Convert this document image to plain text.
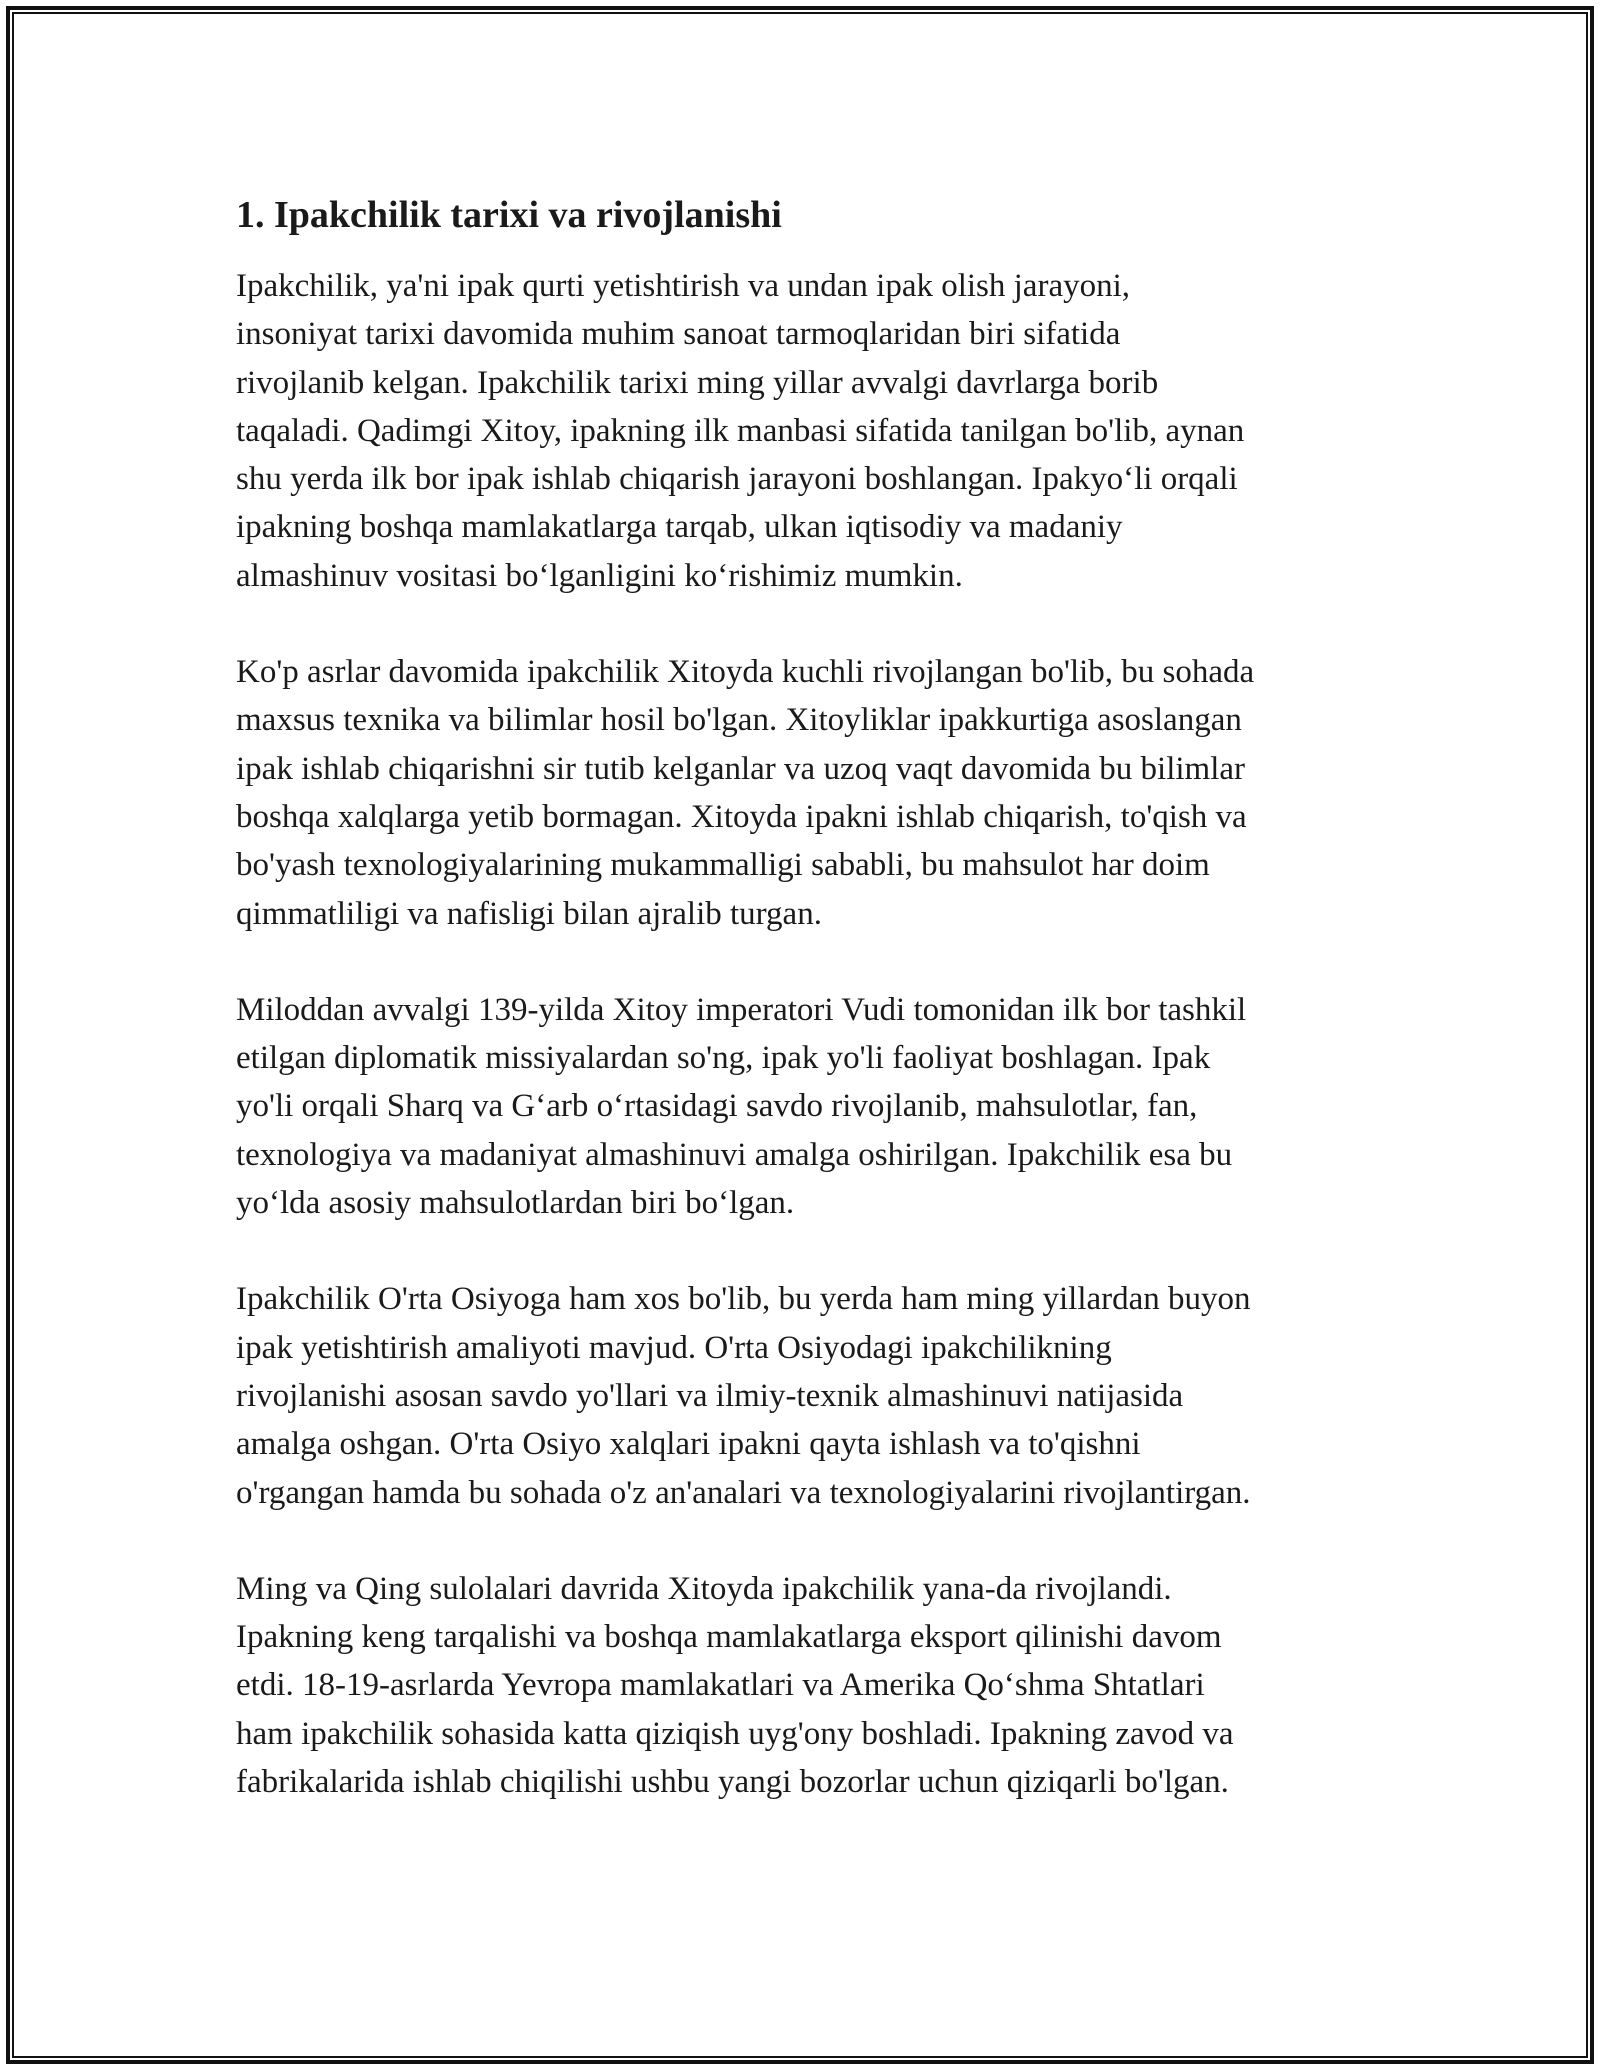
1. Ipakchilik tarixi va rivojlanishi

Ipakchilik, ya'ni ipak qurti yetishtirish va undan ipak olish jarayoni,
insoniyat tarixi davomida muhim sanoat tarmoqlaridan biri sifatida
rivojlanib kelgan. Ipakchilik tarixi ming yillar avvalgi davrlarga borib
taqaladi. Qadimgi Xitoy, ipakning ilk manbasi sifatida tanilgan bo'lib, aynan
shu yerda ilk bor ipak ishlab chiqarish jarayoni boshlangan. Ipakyo‘li orqali
ipakning boshqa mamlakatlarga tarqab, ulkan iqtisodiy va madaniy
almashinuv vositasi bo‘lganligini ko‘rishimiz mumkin.

Ko'p asrlar davomida ipakchilik Xitoyda kuchli rivojlangan bo'lib, bu sohada
maxsus texnika va bilimlar hosil bo'lgan. Xitoyliklar ipakkurtiga asoslangan
ipak ishlab chiqarishni sir tutib kelganlar va uzoq vaqt davomida bu bilimlar
boshqa xalqlarga yetib bormagan. Xitoyda ipakni ishlab chiqarish, to'qish va
bo'yash texnologiyalarining mukammalligi sababli, bu mahsulot har doim
qimmatliligi va nafisligi bilan ajralib turgan.

Miloddan avvalgi 139-yilda Xitoy imperatori Vudi tomonidan ilk bor tashkil
etilgan diplomatik missiyalardan so'ng, ipak yo'li faoliyat boshlagan. Ipak
yo'li orqali Sharq va G‘arb o‘rtasidagi savdo rivojlanib, mahsulotlar, fan,
texnologiya va madaniyat almashinuvi amalga oshirilgan. Ipakchilik esa bu
yo‘lda asosiy mahsulotlardan biri bo‘lgan.

Ipakchilik O'rta Osiyoga ham xos bo'lib, bu yerda ham ming yillardan buyon
ipak yetishtirish amaliyoti mavjud. O'rta Osiyodagi ipakchilikning
rivojlanishi asosan savdo yo'llari va ilmiy-texnik almashinuvi natijasida
amalga oshgan. O'rta Osiyo xalqlari ipakni qayta ishlash va to'qishni
o'rgangan hamda bu sohada o'z an'analari va texnologiyalarini rivojlantirgan.

Ming va Qing sulolalari davrida Xitoyda ipakchilik yana-da rivojlandi.
Ipakning keng tarqalishi va boshqa mamlakatlarga eksport qilinishi davom
etdi. 18-19-asrlarda Yevropa mamlakatlari va Amerika Qo‘shma Shtatlari
ham ipakchilik sohasida katta qiziqish uyg'ony boshladi. Ipakning zavod va
fabrikalarida ishlab chiqilishi ushbu yangi bozorlar uchun qiziqarli bo'lgan.
